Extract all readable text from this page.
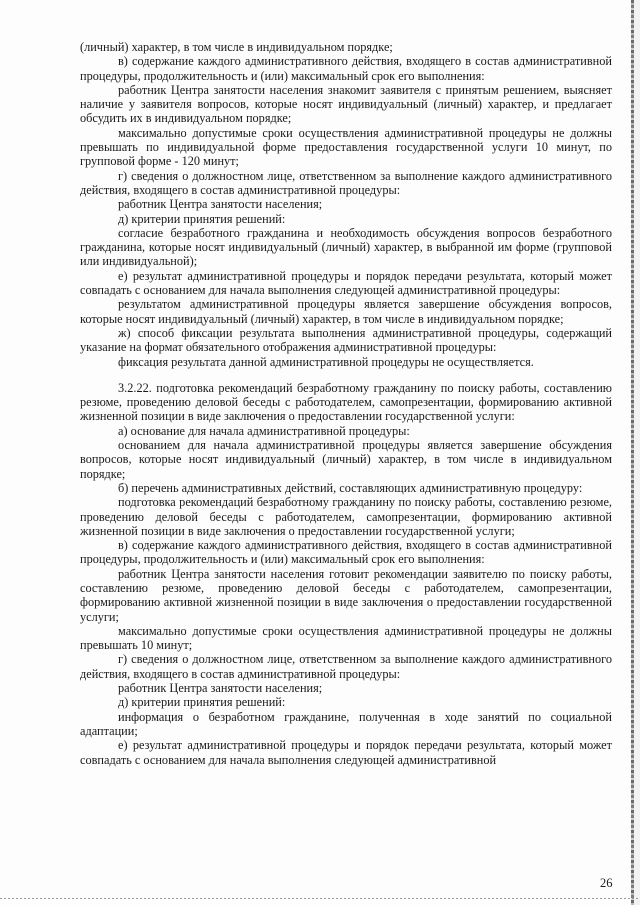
(личный) характер, в том числе в индивидуальном порядке;

в) содержание каждого административного действия, входящего в состав административной процедуры, продолжительность и (или) максимальный срок его выполнения:

работник Центра занятости населения знакомит заявителя с принятым решением, выясняет наличие у заявителя вопросов, которые носят индивидуальный (личный) характер, и предлагает обсудить их в индивидуальном порядке;

максимально допустимые сроки осуществления административной процедуры не должны превышать по индивидуальной форме предоставления государственной услуги 10 минут, по групповой форме - 120 минут;

г) сведения о должностном лице, ответственном за выполнение каждого административного действия, входящего в состав административной процедуры:

работник Центра занятости населения;

д) критерии принятия решений:

согласие безработного гражданина и необходимость обсуждения вопросов безработного гражданина, которые носят индивидуальный (личный) характер, в выбранной им форме (групповой или индивидуальной);

е) результат административной процедуры и порядок передачи результата, который может совпадать с основанием для начала выполнения следующей административной процедуры:

результатом административной процедуры является завершение обсуждения вопросов, которые носят индивидуальный (личный) характер, в том числе в индивидуальном порядке;

ж) способ фиксации результата выполнения административной процедуры, содержащий указание на формат обязательного отображения административной процедуры:

фиксация результата данной административной процедуры не осуществляется.

3.2.22. подготовка рекомендаций безработному гражданину по поиску работы, составлению резюме, проведению деловой беседы с работодателем, самопрезентации, формированию активной жизненной позиции в виде заключения о предоставлении государственной услуги:

а) основание для начала административной процедуры:

основанием для начала административной процедуры является завершение обсуждения вопросов, которые носят индивидуальный (личный) характер, в том числе в индивидуальном порядке;

б) перечень административных действий, составляющих административную процедуру:

подготовка рекомендаций безработному гражданину по поиску работы, составлению резюме, проведению деловой беседы с работодателем, самопрезентации, формированию активной жизненной позиции в виде заключения о предоставлении государственной услуги;

в) содержание каждого административного действия, входящего в состав административной процедуры, продолжительность и (или) максимальный срок его выполнения:

работник Центра занятости населения готовит рекомендации заявителю по поиску работы, составлению резюме, проведению деловой беседы с работодателем, самопрезентации, формированию активной жизненной позиции в виде заключения о предоставлении государственной услуги;

максимально допустимые сроки осуществления административной процедуры не должны превышать 10 минут;

г) сведения о должностном лице, ответственном за выполнение каждого административного действия, входящего в состав административной процедуры:

работник Центра занятости населения;

д) критерии принятия решений:

информация о безработном гражданине, полученная в ходе занятий по социальной адаптации;

е) результат административной процедуры и порядок передачи результата, который может совпадать с основанием для начала выполнения следующей административной

26
